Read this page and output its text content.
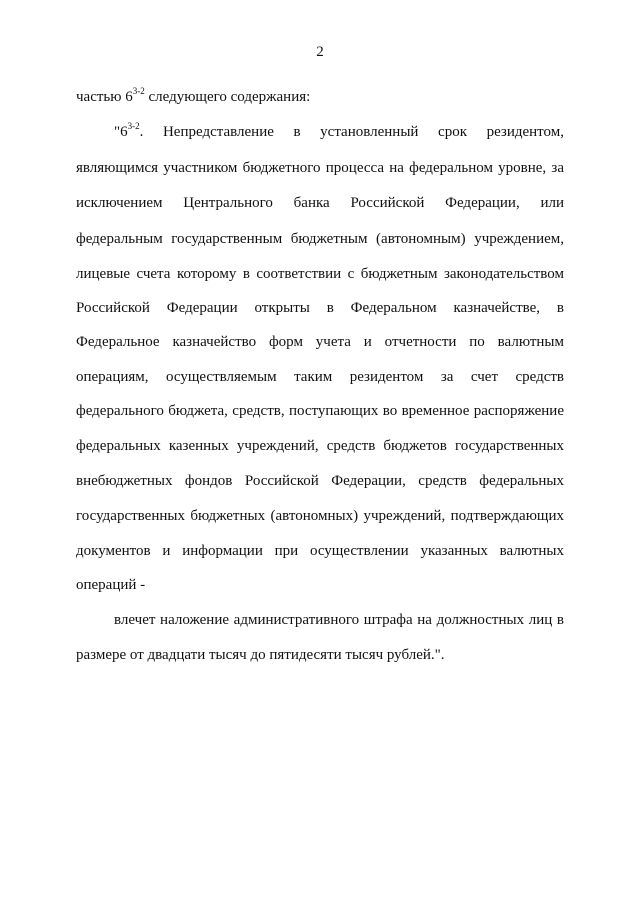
2
частью 6$^{3-2}$ следующего содержания:
"6$^{3-2}$. Непредставление в установленный срок резидентом,
являющимся участником бюджетного процесса на федеральном уровне, за
исключением Центрального банка Российской Федерации, или
федеральным государственным бюджетным (автономным) учреждением,
лицевые счета которому в соответствии с бюджетным законодательством
Российской Федерации открыты в Федеральном казначействе, в
Федеральное казначейство форм учета и отчетности по валютным
операциям, осуществляемым таким резидентом за счет средств
федерального бюджета, средств, поступающих во временное распоряжение
федеральных казенных учреждений, средств бюджетов государственных
внебюджетных фондов Российской Федерации, средств федеральных
государственных бюджетных (автономных) учреждений, подтверждающих
документов и информации при осуществлении указанных валютных
операций -
влечет наложение административного штрафа на должностных лиц в
размере от двадцати тысяч до пятидесяти тысяч рублей.".
